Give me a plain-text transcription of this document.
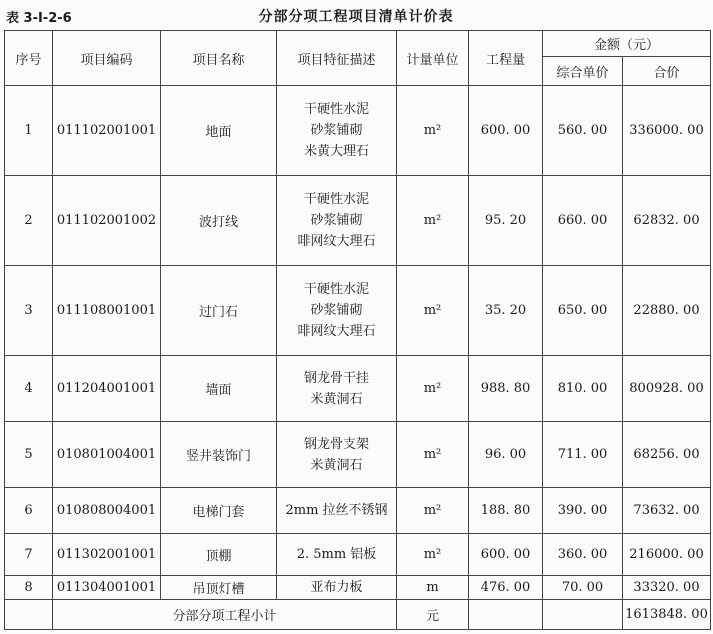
表 3-Ⅰ-2-6	分部分项工程项目清单计价表
序号	项目编码	项目名称	项目特征描述	计量单位	工程量	金额（元）	
						综合单价	合价
1	011102001001	地面	干硬性水泥
砂浆铺砌
米黄大理石	m²	600. 00	560. 00	336000. 00
2	011102001002	波打线	干硬性水泥
砂浆铺砌
啡网纹大理石	m²	95. 20	660. 00	62832. 00
3	011108001001	过门石	干硬性水泥
砂浆铺砌
啡网纹大理石	m²	35. 20	650. 00	22880. 00
4	011204001001	墙面	钢龙骨干挂
米黄洞石	m²	988. 80	810. 00	800928. 00
5	010801004001	竖井装饰门	钢龙骨支架
米黄洞石	m²	96. 00	711. 00	68256. 00
6	010808004001	电梯门套	2mm 拉丝不锈钢	m²	188. 80	390. 00	73632. 00
7	011302001001	顶棚	2. 5mm 铝板	m²	600. 00	360. 00	216000. 00
8	011304001001	吊顶灯槽	亚布力板	m	476. 00	70. 00	33320. 00
	分部分项工程小计			元			1613848. 00
